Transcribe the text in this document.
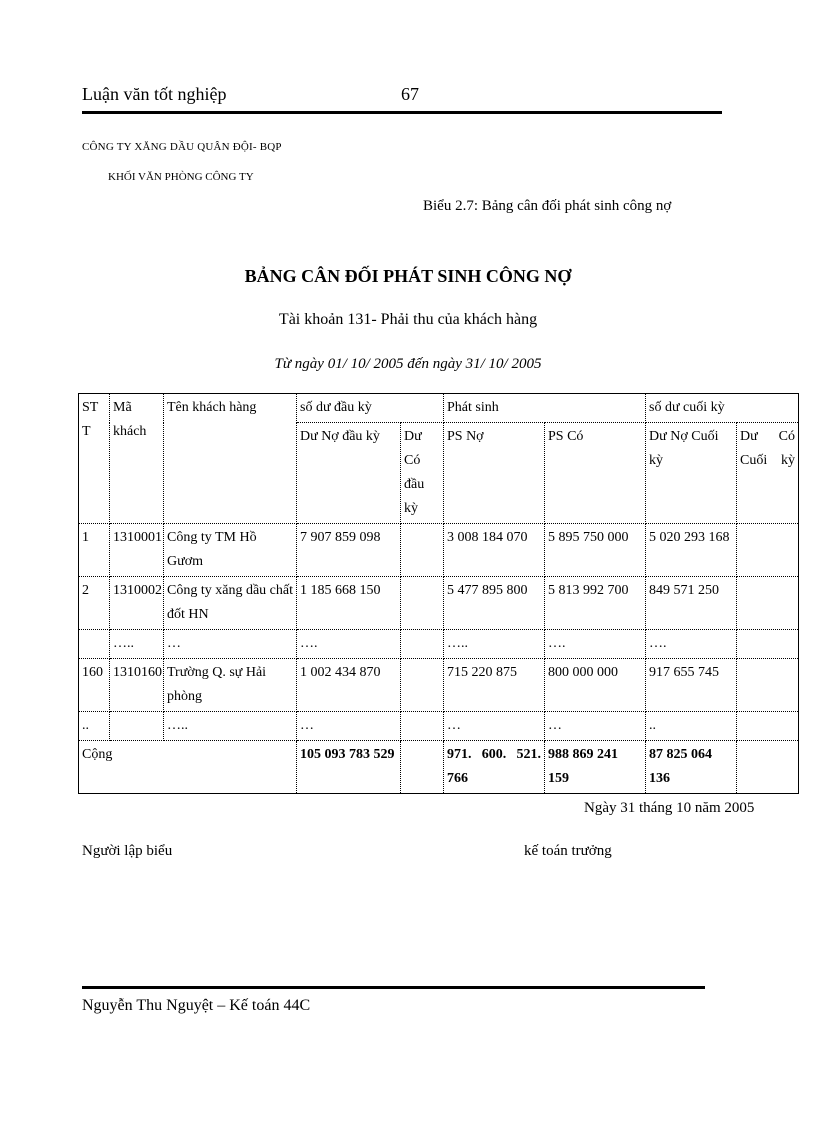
Luận văn tốt nghiệp	67
CÔNG TY XĂNG DẦU QUÂN ĐỘI- BQP
KHỐI VĂN PHÒNG CÔNG TY
Biểu 2.7: Bảng cân đối phát sinh công nợ
BẢNG CÂN ĐỐI PHÁT SINH CÔNG NỢ
Tài khoản 131- Phải thu của khách hàng
Từ ngày 01/ 10/ 2005 đến ngày 31/ 10/ 2005
ST T	Mã khách	Tên khách hàng	số dư đầu kỳ		Phát sinh		số dư cuối kỳ	
			Dư Nợ đầu kỳ	Dư Có đầu kỳ	PS Nợ	PS Có	Dư Nợ Cuối kỳ	Dư Có Cuối kỳ
1	1310001	Công ty TM Hồ Gươm	7 907 859 098		3 008 184 070	5 895 750 000	5 020 293 168	
2	1310002	Công ty xăng dầu chất đốt HN	1 185 668 150		5 477 895 800	5 813 992 700	849 571 250	
	…..	…	….		…..	….	….	
160	1310160	Trường Q. sự Hải phòng	1 002 434 870		715 220 875	800 000 000	917 655 745	
..		…..	…		…	…	..	
Cộng			105 093 783 529		971. 600. 521. 766	988 869 241 159	87 825 064 136	
Ngày 31 tháng 10 năm 2005
Người lập biểu	kế toán trưởng
Nguyễn Thu Nguyệt – Kế toán 44C
